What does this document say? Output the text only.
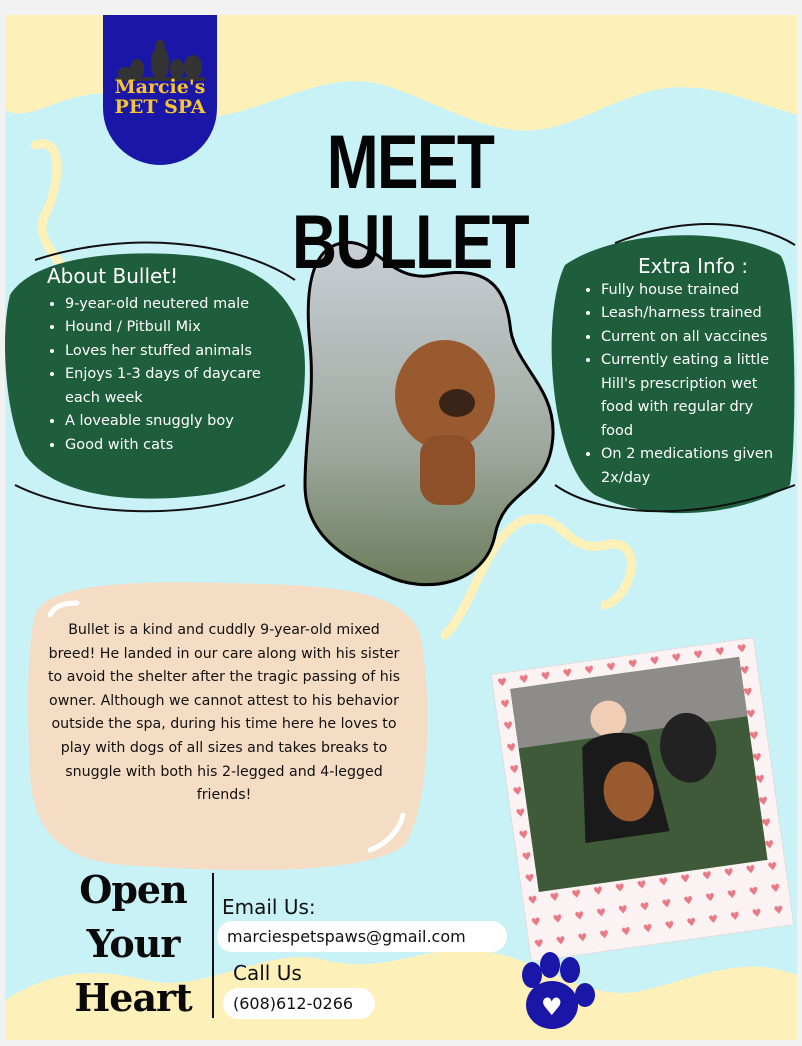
♥
Marcie's
PET SPA
MEET BULLET
About Bullet!
• 9-year-old neutered male
• Hound / Pitbull Mix
• Loves her stuffed animals
• Enjoys 1-3 days of daycare each week
• A loveable snuggly boy
• Good with cats
Extra Info :
• Fully house trained
• Leash/harness trained
• Current on all vaccines
• Currently eating a little Hill's prescription wet food with regular dry food
• On 2 medications given 2x/day
Bullet is a kind and cuddly 9-year-old mixed breed! He landed in our care along with his sister to avoid the shelter after the tragic passing of his owner. Although we cannot attest to his behavior outside the spa, during his time here he loves to play with dogs of all sizes and takes breaks to snuggle with both his 2-legged and 4-legged friends!
Open
Your
Heart
Email Us:
marciespetspaws@gmail.com
Call Us
(608)612-0266
